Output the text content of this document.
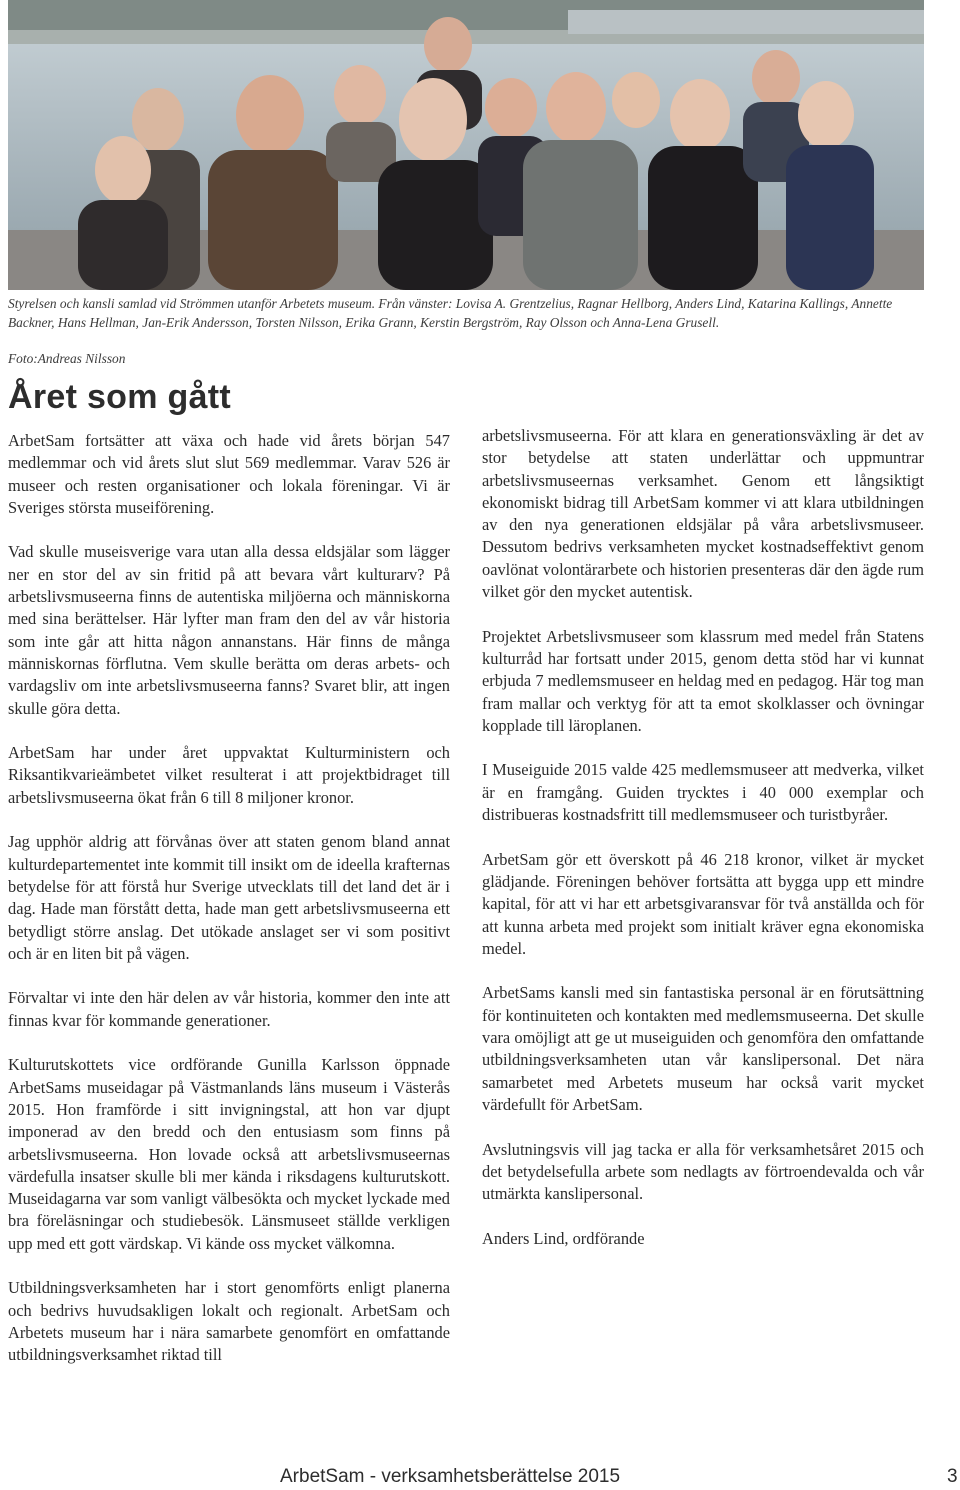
Styrelsen och kansli samlad vid Strömmen utanför Arbetets museum. Från vänster: Lovisa A. Grentzelius, Ragnar Hellborg, Anders Lind, Katarina Kallings, Annette Backner, Hans Hellman, Jan-Erik Andersson, Torsten Nilsson, Erika Grann, Kerstin Bergström, Ray Olsson och Anna-Lena Grusell.

Foto:Andreas Nilsson

Året som gått

ArbetSam fortsätter att växa och hade vid årets början 547 medlemmar och vid årets slut slut 569 medlemmar. Varav 526 är museer och resten organisationer och lokala föreningar. Vi är Sveriges största museiförening.

Vad skulle museisverige vara utan alla dessa eldsjälar som lägger ner en stor del av sin fritid på att bevara vårt kulturarv? På arbetslivsmuseerna finns de autentiska miljöerna och människorna med sina berättelser. Här lyfter man fram den del av vår historia som inte går att hitta någon annanstans. Här finns de många människornas förflutna. Vem skulle berätta om deras arbets- och vardagsliv om inte arbetslivsmuseerna fanns? Svaret blir, att ingen skulle göra detta.

ArbetSam har under året uppvaktat Kulturministern och Riksantikvarieämbetet vilket resulterat i att projektbidraget till arbetslivsmuseerna ökat från 6 till 8 miljoner kronor.

Jag upphör aldrig att förvånas över att staten genom bland annat kulturdepartementet inte kommit till insikt om de ideella krafternas betydelse för att förstå hur Sverige utvecklats till det land det är i dag. Hade man förstått detta, hade man gett arbetslivsmuseerna ett betydligt större anslag. Det utökade anslaget ser vi som positivt och är en liten bit på vägen.

Förvaltar vi inte den här delen av vår historia, kommer den inte att finnas kvar för kommande generationer.

Kulturutskottets vice ordförande Gunilla Karlsson öppnade ArbetSams museidagar på Västmanlands läns museum i Västerås 2015. Hon framförde i sitt invigningstal, att hon var djupt imponerad av den bredd och den entusiasm som finns på arbetslivsmuseerna. Hon lovade också att arbetslivsmuseernas värdefulla insatser skulle bli mer kända i riksdagens kulturutskott. Museidagarna var som vanligt välbesökta och mycket lyckade med bra föreläsningar och studiebesök. Länsmuseet ställde verkligen upp med ett gott värdskap. Vi kände oss mycket välkomna.

Utbildningsverksamheten har i stort genomförts enligt planerna och bedrivs huvudsakligen lokalt och regionalt. ArbetSam och Arbetets museum har i nära samarbete genomfört en omfattande utbildningsverksamhet riktad till

arbetslivsmuseerna. För att klara en generationsväxling är det av stor betydelse att staten underlättar och uppmuntrar arbetslivsmuseernas verksamhet. Genom ett långsiktigt ekonomiskt bidrag till ArbetSam kommer vi att klara utbildningen av den nya generationen eldsjälar på våra arbetslivsmuseer. Dessutom bedrivs verksamheten mycket kostnadseffektivt genom oavlönat volontärarbete och historien presenteras där den ägde rum vilket gör den mycket autentisk.

Projektet Arbetslivsmuseer som klassrum med medel från Statens kulturråd har fortsatt under 2015, genom detta stöd har vi kunnat erbjuda 7 medlemsmuseer en heldag med en pedagog. Här tog man fram mallar och verktyg för att ta emot skolklasser och övningar kopplade till läroplanen.

I Museiguide 2015 valde 425 medlemsmuseer att medverka, vilket är en framgång. Guiden trycktes i 40 000 exemplar och distribueras kostnadsfritt till medlemsmuseer och turistbyråer.

ArbetSam gör ett överskott på 46 218 kronor, vilket är mycket glädjande. Föreningen behöver fortsätta att bygga upp ett mindre kapital, för att vi har ett arbetsgivaransvar för två anställda och för att kunna arbeta med projekt som initialt kräver egna ekonomiska medel.

ArbetSams kansli med sin fantastiska personal är en förutsättning för kontinuiteten och kontakten med medlemsmuseerna. Det skulle vara omöjligt att ge ut museiguiden och genomföra den omfattande utbildningsverksamheten utan vår kanslipersonal. Det nära samarbetet med Arbetets museum har också varit mycket värdefullt för ArbetSam.

Avslutningsvis vill jag tacka er alla för verksamhetsåret 2015 och det betydelsefulla arbete som nedlagts av förtroendevalda och vår utmärkta kanslipersonal.

Anders Lind, ordförande

ArbetSam - verksamhetsberättelse 2015	3
